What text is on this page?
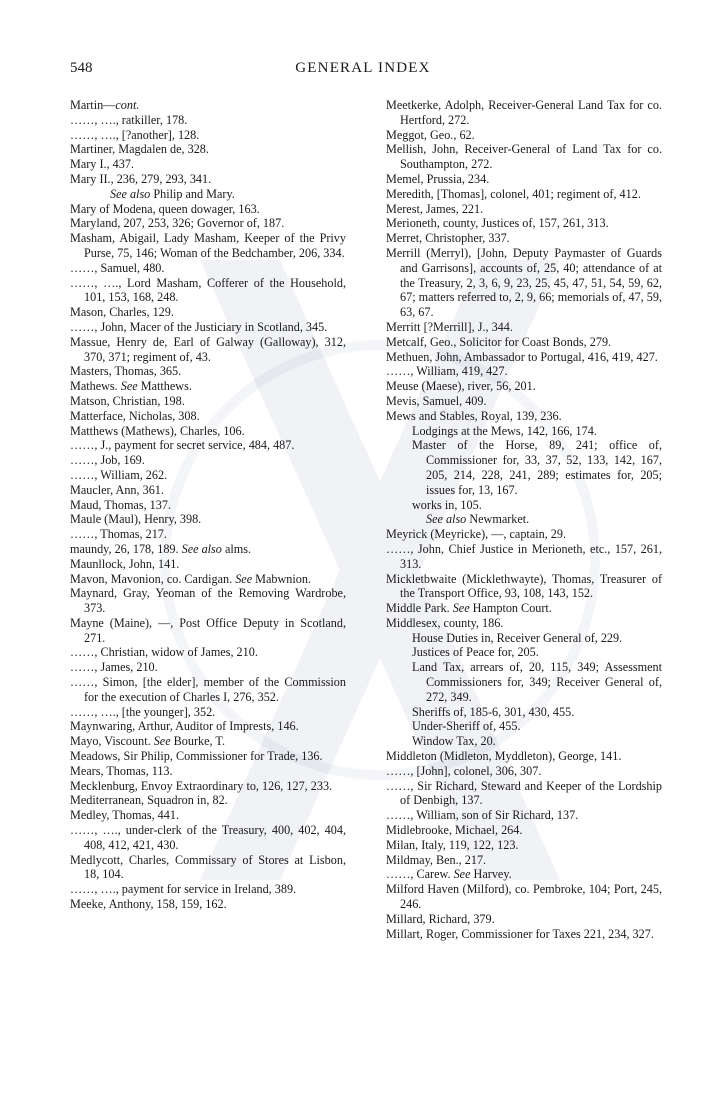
548	GENERAL INDEX
Martin—cont.
……, …., ratkiller, 178.
……, …., [?another], 128.
Martiner, Magdalen de, 328.
Mary I., 437.
Mary II., 236, 279, 293, 341.
See also Philip and Mary.
Mary of Modena, queen dowager, 163.
Maryland, 207, 253, 326; Governor of, 187.
Masham, Abigail, Lady Masham, Keeper of the Privy Purse, 75, 146; Woman of the Bedchamber, 206, 334.
……, Samuel, 480.
……, …., Lord Masham, Cofferer of the Household, 101, 153, 168, 248.
Mason, Charles, 129.
……, John, Macer of the Justiciary in Scotland, 345.
Massue, Henry de, Earl of Galway (Galloway), 312, 370, 371; regiment of, 43.
Masters, Thomas, 365.
Mathews. See Matthews.
Matson, Christian, 198.
Matterface, Nicholas, 308.
Matthews (Mathews), Charles, 106.
……, J., payment for secret service, 484, 487.
……, Job, 169.
……, William, 262.
Maucler, Ann, 361.
Maud, Thomas, 137.
Maule (Maul), Henry, 398.
……, Thomas, 217.
maundy, 26, 178, 189. See also alms.
Maunllock, John, 141.
Mavon, Mavonion, co. Cardigan. See Mabwnion.
Maynard, Gray, Yeoman of the Removing Wardrobe, 373.
Mayne (Maine), —, Post Office Deputy in Scotland, 271.
……, Christian, widow of James, 210.
……, James, 210.
……, Simon, [the elder], member of the Commission for the execution of Charles I, 276, 352.
……, …., [the younger], 352.
Maynwaring, Arthur, Auditor of Imprests, 146.
Mayo, Viscount. See Bourke, T.
Meadows, Sir Philip, Commissioner for Trade, 136.
Mears, Thomas, 113.
Mecklenburg, Envoy Extraordinary to, 126, 127, 233.
Mediterranean, Squadron in, 82.
Medley, Thomas, 441.
……, …., under-clerk of the Treasury, 400, 402, 404, 408, 412, 421, 430.
Medlycott, Charles, Commissary of Stores at Lisbon, 18, 104.
……, …., payment for service in Ireland, 389.
Meeke, Anthony, 158, 159, 162.
Meetkerke, Adolph, Receiver-General Land Tax for co. Hertford, 272.
Meggot, Geo., 62.
Mellish, John, Receiver-General of Land Tax for co. Southampton, 272.
Memel, Prussia, 234.
Meredith, [Thomas], colonel, 401; regiment of, 412.
Merest, James, 221.
Merioneth, county, Justices of, 157, 261, 313.
Merret, Christopher, 337.
Merrill (Merryl), [John, Deputy Paymaster of Guards and Garrisons], accounts of, 25, 40; attendance of at the Treasury, 2, 3, 6, 9, 23, 25, 45, 47, 51, 54, 59, 62, 67; matters referred to, 2, 9, 66; memorials of, 47, 59, 63, 67.
Merritt [?Merrill], J., 344.
Metcalf, Geo., Solicitor for Coast Bonds, 279.
Methuen, John, Ambassador to Portugal, 416, 419, 427.
……, William, 419, 427.
Meuse (Maese), river, 56, 201.
Mevis, Samuel, 409.
Mews and Stables, Royal, 139, 236.
Lodgings at the Mews, 142, 166, 174.
Master of the Horse, 89, 241; office of, Commissioner for, 33, 37, 52, 133, 142, 167, 205, 214, 228, 241, 289; estimates for, 205; issues for, 13, 167.
works in, 105.
See also Newmarket.
Meyrick (Meyricke), —, captain, 29.
……, John, Chief Justice in Merioneth, etc., 157, 261, 313.
Mickletbwaite (Micklethwayte), Thomas, Treasurer of the Transport Office, 93, 108, 143, 152.
Middle Park. See Hampton Court.
Middlesex, county, 186.
House Duties in, Receiver General of, 229.
Justices of Peace for, 205.
Land Tax, arrears of, 20, 115, 349; Assessment Commissioners for, 349; Receiver General of, 272, 349.
Sheriffs of, 185-6, 301, 430, 455.
Under-Sheriff of, 455.
Window Tax, 20.
Middleton (Midleton, Myddleton), George, 141.
……, [John], colonel, 306, 307.
……, Sir Richard, Steward and Keeper of the Lordship of Denbigh, 137.
……, William, son of Sir Richard, 137.
Midlebrooke, Michael, 264.
Milan, Italy, 119, 122, 123.
Mildmay, Ben., 217.
……, Carew. See Harvey.
Milford Haven (Milford), co. Pembroke, 104; Port, 245, 246.
Millard, Richard, 379.
Millart, Roger, Commissioner for Taxes 221, 234, 327.
